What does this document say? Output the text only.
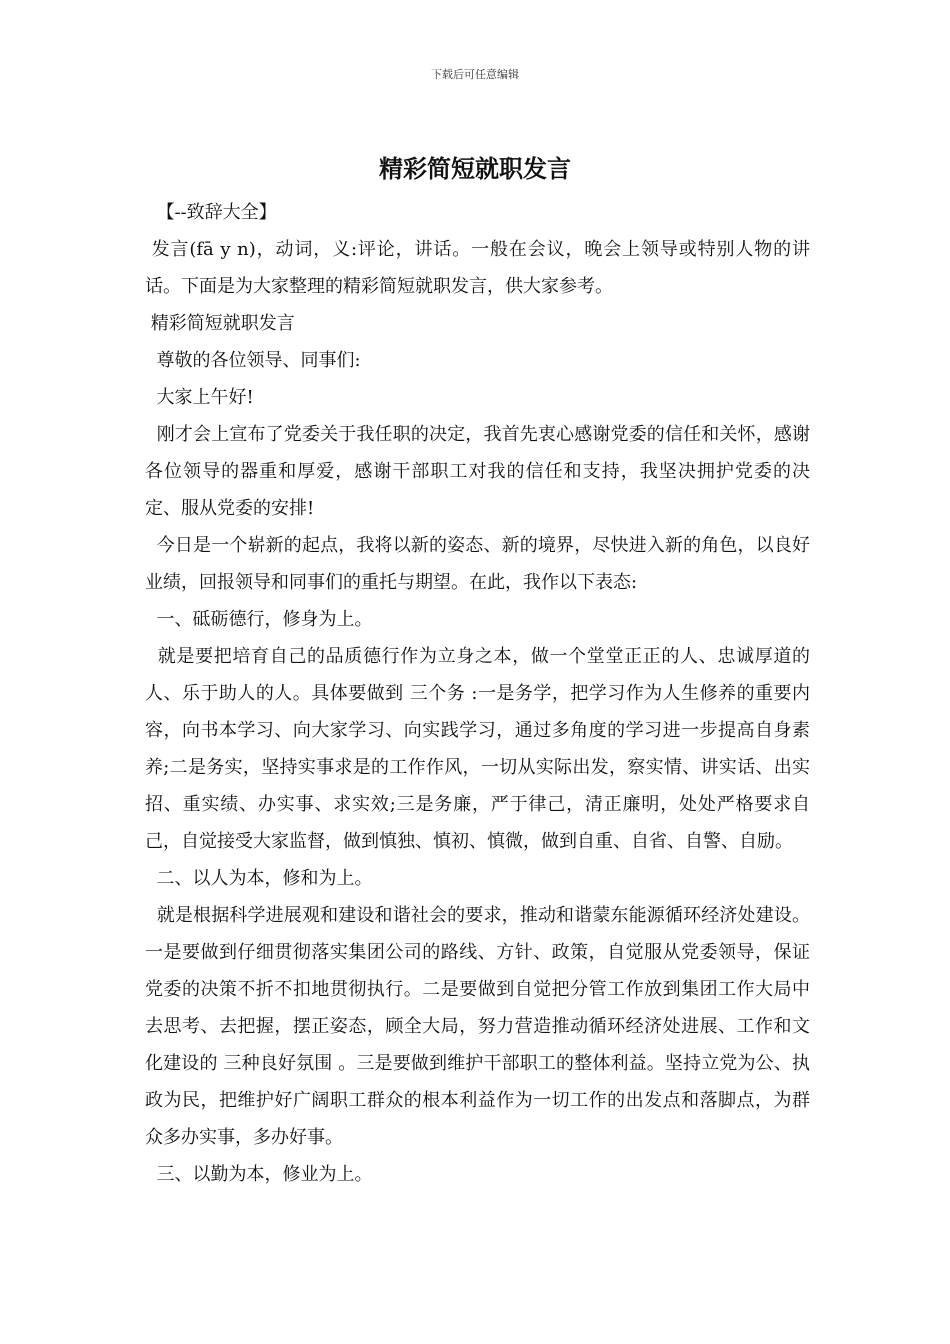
下载后可任意编辑
精彩简短就职发言

【--致辞大全】

发言(fā y n)，动词，义:评论，讲话。一般在会议，晚会上领导或特别人物的讲话。下面是为大家整理的精彩简短就职发言，供大家参考。

精彩简短就职发言

尊敬的各位领导、同事们:

大家上午好!

刚才会上宣布了党委关于我任职的决定，我首先衷心感谢党委的信任和关怀，感谢各位领导的器重和厚爱，感谢干部职工对我的信任和支持，我坚决拥护党委的决定、服从党委的安排!

今日是一个崭新的起点，我将以新的姿态、新的境界，尽快进入新的角色，以良好业绩，回报领导和同事们的重托与期望。在此，我作以下表态:

一、砥砺德行，修身为上。

就是要把培育自己的品质德行作为立身之本，做一个堂堂正正的人、忠诚厚道的人、乐于助人的人。具体要做到 三个务 :一是务学，把学习作为人生修养的重要内容，向书本学习、向大家学习、向实践学习，通过多角度的学习进一步提高自身素养;二是务实，坚持实事求是的工作作风，一切从实际出发，察实情、讲实话、出实招、重实绩、办实事、求实效;三是务廉，严于律己，清正廉明，处处严格要求自己，自觉接受大家监督，做到慎独、慎初、慎微，做到自重、自省、自警、自励。

二、以人为本，修和为上。

就是根据科学进展观和建设和谐社会的要求，推动和谐蒙东能源循环经济处建设。一是要做到仔细贯彻落实集团公司的路线、方针、政策，自觉服从党委领导，保证党委的决策不折不扣地贯彻执行。二是要做到自觉把分管工作放到集团工作大局中去思考、去把握，摆正姿态，顾全大局，努力营造推动循环经济处进展、工作和文化建设的 三种良好氛围 。三是要做到维护干部职工的整体利益。坚持立党为公、执政为民，把维护好广阔职工群众的根本利益作为一切工作的出发点和落脚点，为群众多办实事，多办好事。

三、以勤为本，修业为上。
